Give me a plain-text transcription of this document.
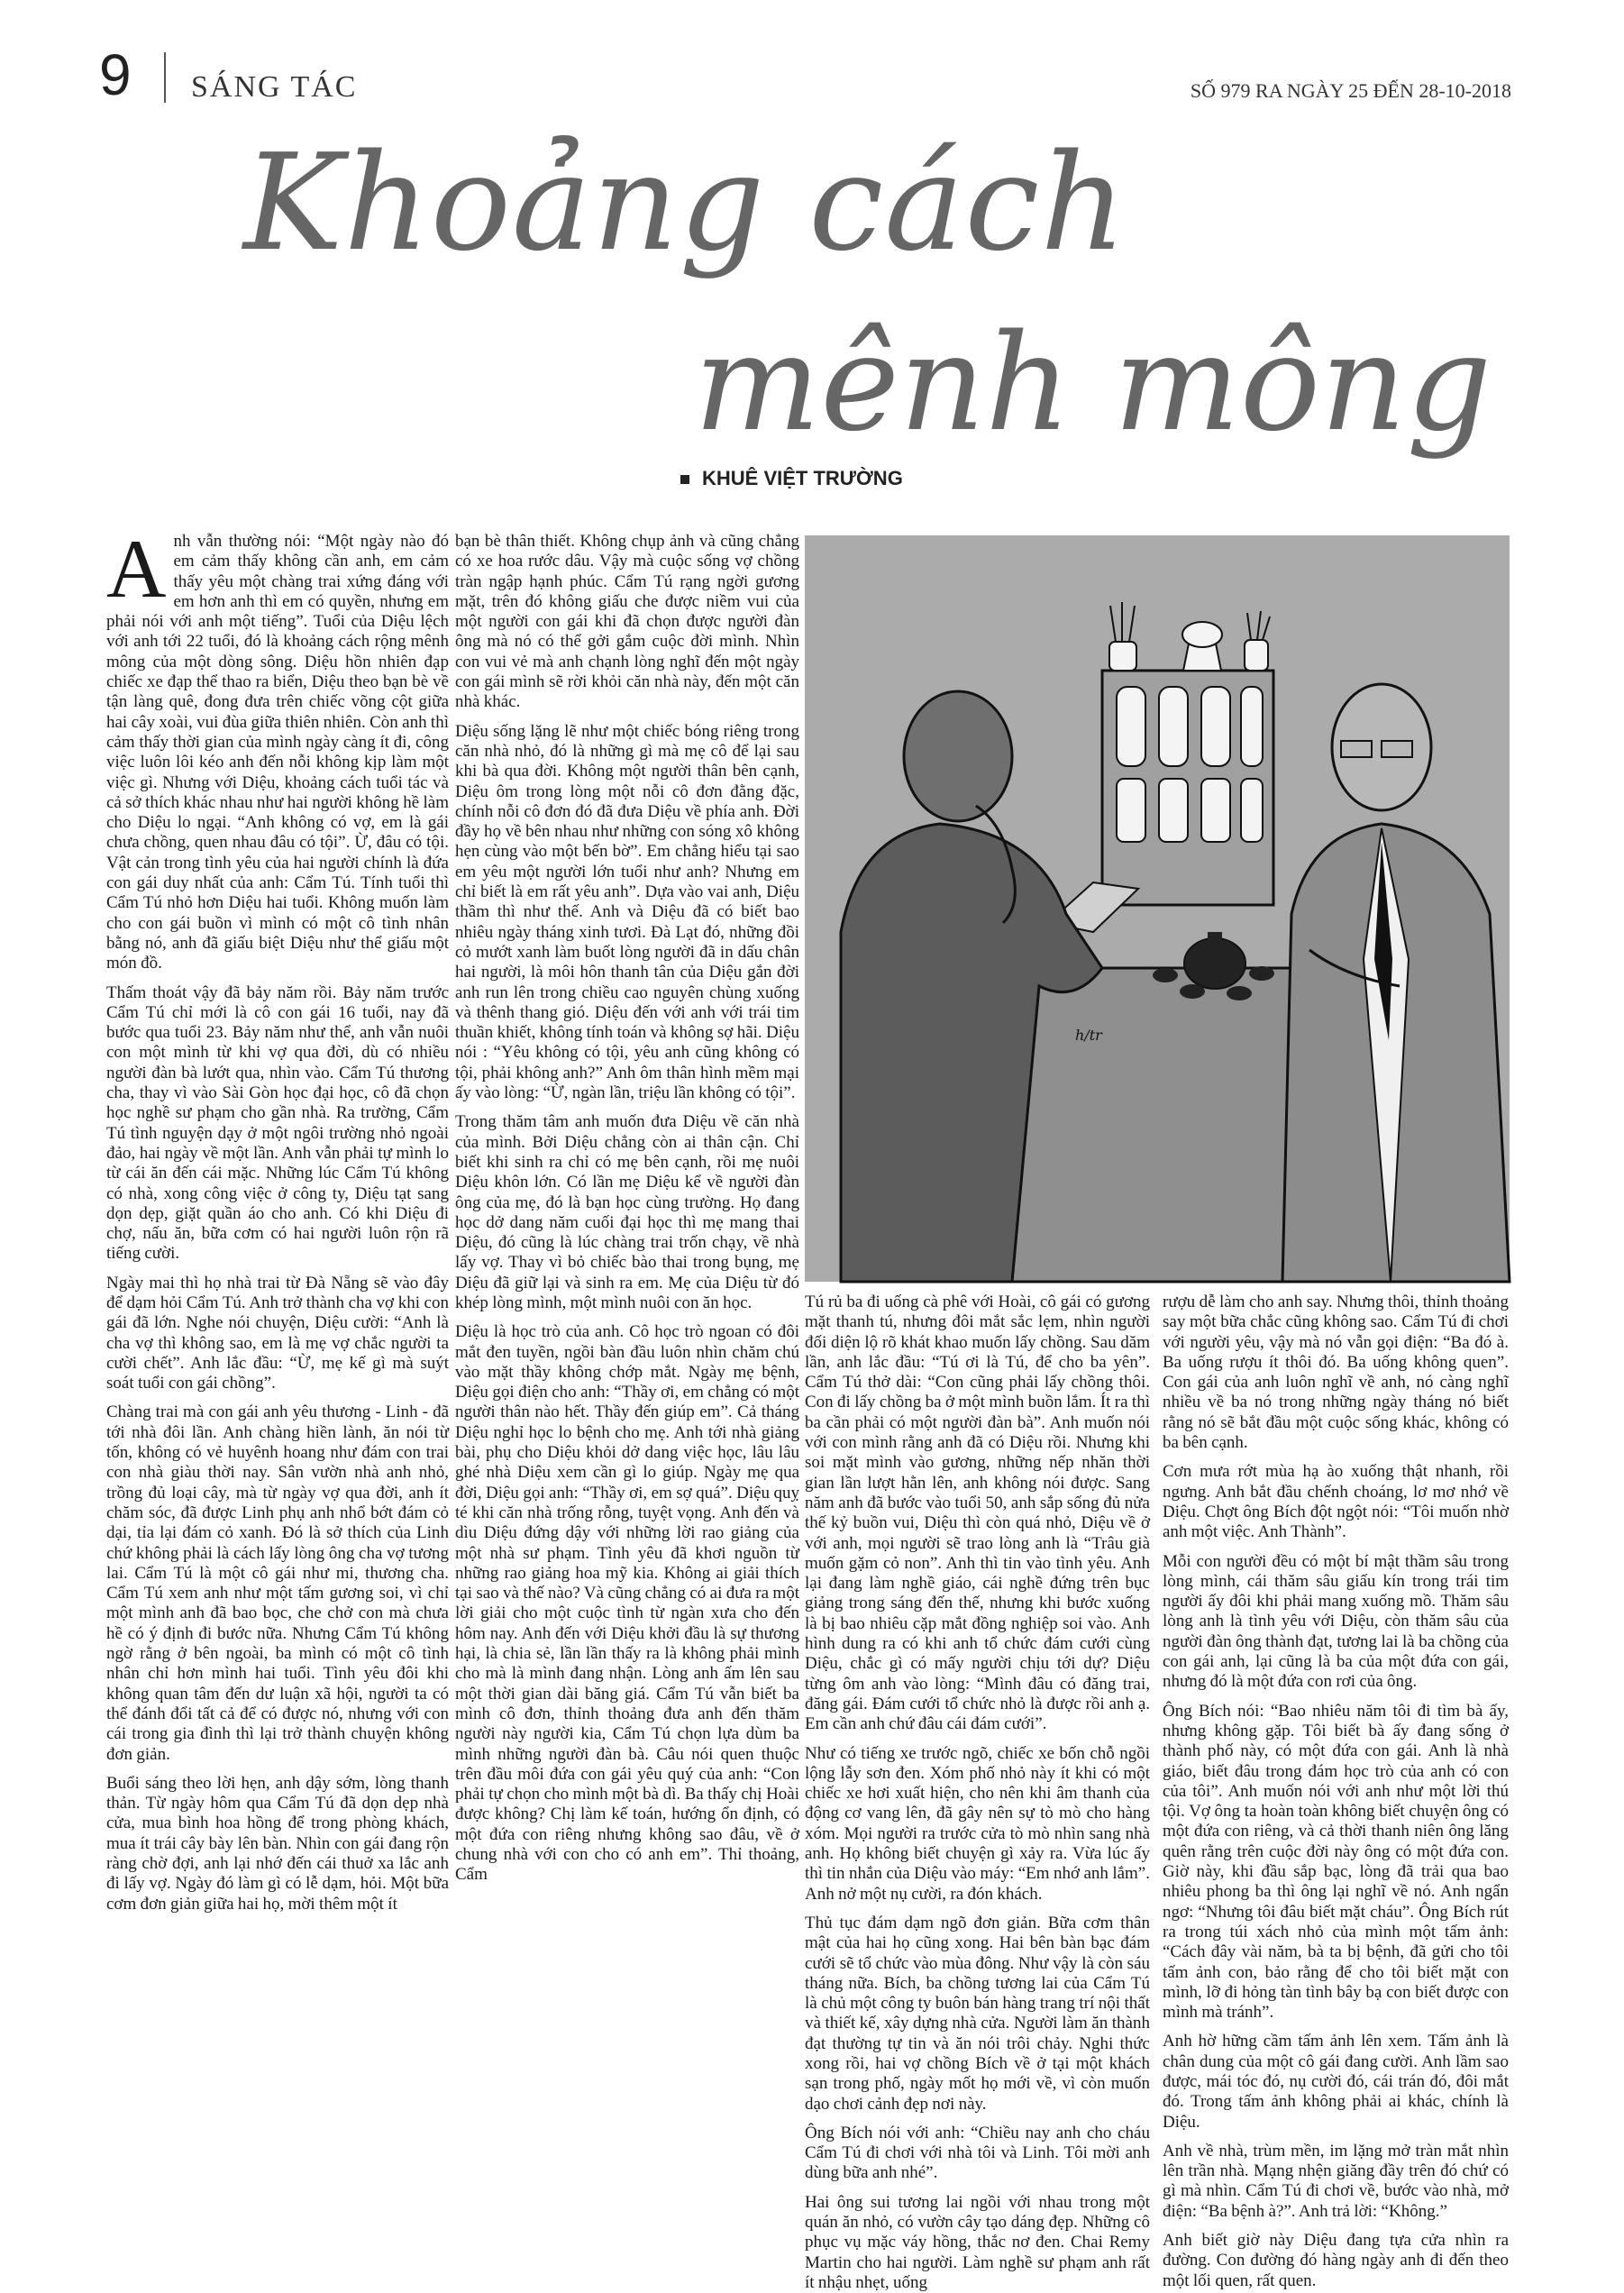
9 SÁNG TÁC	SỐ 979 RA NGÀY 25 ĐẾN 28-10-2018
Khoảng cách
mênh mông
KHUÊ VIỆT TRƯỜNG

Anh vẫn thường nói: “Một ngày nào đó em cảm thấy không cần anh, em cảm thấy yêu một chàng trai xứng đáng với em hơn anh thì em có quyền, nhưng em phải nói với anh một tiếng”. Tuổi của Diệu lệch với anh tới 22 tuổi, đó là khoảng cách rộng mênh mông của một dòng sông. Diệu hồn nhiên đạp chiếc xe đạp thể thao ra biển, Diệu theo bạn bè về tận làng quê, đong đưa trên chiếc võng cột giữa hai cây xoài, vui đùa giữa thiên nhiên. Còn anh thì cảm thấy thời gian của mình ngày càng ít đi, công việc luôn lôi kéo anh đến nỗi không kịp làm một việc gì. Nhưng với Diệu, khoảng cách tuổi tác và cả sở thích khác nhau như hai người không hề làm cho Diệu lo ngại. “Anh không có vợ, em là gái chưa chồng, quen nhau đâu có tội”. Ừ, đâu có tội. Vật cản trong tình yêu của hai người chính là đứa con gái duy nhất của anh: Cẩm Tú. Tính tuổi thì Cẩm Tú nhỏ hơn Diệu hai tuổi. Không muốn làm cho con gái buồn vì mình có một cô tình nhân bằng nó, anh đã giấu biệt Diệu như thể giấu một món đồ.

Thấm thoát vậy đã bảy năm rồi. Bảy năm trước Cẩm Tú chỉ mới là cô con gái 16 tuổi, nay đã bước qua tuổi 23. Bảy năm như thể, anh vẫn nuôi con một mình từ khi vợ qua đời, dù có nhiều người đàn bà lướt qua, nhìn vào. Cẩm Tú thương cha, thay vì vào Sài Gòn học đại học, cô đã chọn học nghề sư phạm cho gần nhà. Ra trường, Cẩm Tú tình nguyện dạy ở một ngôi trường nhỏ ngoài đảo, hai ngày về một lần. Anh vẫn phải tự mình lo từ cái ăn đến cái mặc. Những lúc Cẩm Tú không có nhà, xong công việc ở công ty, Diệu tạt sang dọn dẹp, giặt quần áo cho anh. Có khi Diệu đi chợ, nấu ăn, bữa cơm có hai người luôn rộn rã tiếng cười.

Ngày mai thì họ nhà trai từ Đà Nẵng sẽ vào đây để dạm hỏi Cẩm Tú. Anh trở thành cha vợ khi con gái đã lớn. Nghe nói chuyện, Diệu cười: “Anh là cha vợ thì không sao, em là mẹ vợ chắc người ta cười chết”. Anh lắc đầu: “Ừ, mẹ kế gì mà suýt soát tuổi con gái chồng”.

Chàng trai mà con gái anh yêu thương - Linh - đã tới nhà đôi lần. Anh chàng hiền lành, ăn nói từ tốn, không có vẻ huyênh hoang như đám con trai con nhà giàu thời nay. Sân vườn nhà anh nhỏ, trồng đủ loại cây, mà từ ngày vợ qua đời, anh ít chăm sóc, đã được Linh phụ anh nhổ bớt đám cỏ dại, tỉa lại đám cỏ xanh. Đó là sở thích của Linh chứ không phải là cách lấy lòng ông cha vợ tương lai. Cẩm Tú là một cô gái như mi, thương cha. Cẩm Tú xem anh như một tấm gương soi, vì chỉ một mình anh đã bao bọc, che chở con mà chưa hề có ý định đi bước nữa. Nhưng Cẩm Tú không ngờ rằng ở bên ngoài, ba mình có một cô tình nhân chỉ hơn mình hai tuổi. Tình yêu đôi khi không quan tâm đến dư luận xã hội, người ta có thể đánh đổi tất cả để có được nó, nhưng với con cái trong gia đình thì lại trở thành chuyện không đơn giản.

Buổi sáng theo lời hẹn, anh dậy sớm, lòng thanh thản. Từ ngày hôm qua Cẩm Tú đã dọn dẹp nhà cửa, mua bình hoa hồng để trong phòng khách, mua ít trái cây bày lên bàn. Nhìn con gái đang rộn ràng chờ đợi, anh lại nhớ đến cái thuở xa lắc anh đi lấy vợ. Ngày đó làm gì có lễ dạm, hỏi. Một bữa cơm đơn giản giữa hai họ, mời thêm một ít

bạn bè thân thiết. Không chụp ảnh và cũng chẳng có xe hoa rước dâu. Vậy mà cuộc sống vợ chồng tràn ngập hạnh phúc. Cẩm Tú rạng ngời gương mặt, trên đó không giấu che được niềm vui của một người con gái khi đã chọn được người đàn ông mà nó có thể gởi gắm cuộc đời mình. Nhìn con vui vẻ mà anh chạnh lòng nghĩ đến một ngày con gái mình sẽ rời khỏi căn nhà này, đến một căn nhà khác.

Diệu sống lặng lẽ như một chiếc bóng riêng trong căn nhà nhỏ, đó là những gì mà mẹ cô để lại sau khi bà qua đời. Không một người thân bên cạnh, Diệu ôm trong lòng một nỗi cô đơn đằng đặc, chính nỗi cô đơn đó đã đưa Diệu về phía anh. Đời đầy họ về bên nhau như những con sóng xô không hẹn cùng vào một bến bờ”. Em chẳng hiểu tại sao em yêu một người lớn tuổi như anh? Nhưng em chỉ biết là em rất yêu anh”. Dựa vào vai anh, Diệu thầm thì như thế. Anh và Diệu đã có biết bao nhiêu ngày tháng xinh tươi. Đà Lạt đó, những đồi cỏ mướt xanh làm buốt lòng người đã in dấu chân hai người, là môi hôn thanh tân của Diệu gắn đời anh run lên trong chiều cao nguyên chùng xuống và thênh thang gió. Diệu đến với anh với trái tim thuần khiết, không tính toán và không sợ hãi. Diệu nói : “Yêu không có tội, yêu anh cũng không có tội, phải không anh?” Anh ôm thân hình mềm mại ấy vào lòng: “Ừ, ngàn lần, triệu lần không có tội”.

Trong thăm tâm anh muốn đưa Diệu về căn nhà của mình. Bởi Diệu chẳng còn ai thân cận. Chỉ biết khi sinh ra chỉ có mẹ bên cạnh, rồi mẹ nuôi Diệu khôn lớn. Có lần mẹ Diệu kể về người đàn ông của mẹ, đó là bạn học cùng trường. Họ đang học dở dang năm cuối đại học thì mẹ mang thai Diệu, đó cũng là lúc chàng trai trốn chạy, về nhà lấy vợ. Thay vì bỏ chiếc bào thai trong bụng, mẹ Diệu đã giữ lại và sinh ra em. Mẹ của Diệu từ đó khép lòng mình, một mình nuôi con ăn học.

Diệu là học trò của anh. Cô học trò ngoan có đôi mắt đen tuyền, ngồi bàn đầu luôn nhìn chăm chú vào mặt thầy không chớp mắt. Ngày mẹ bệnh, Diệu gọi điện cho anh: “Thầy ơi, em chẳng có một người thân nào hết. Thầy đến giúp em”. Cả tháng Diệu nghỉ học lo bệnh cho mẹ. Anh tới nhà giảng bài, phụ cho Diệu khỏi dở dang việc học, lâu lâu ghé nhà Diệu xem cần gì lo giúp. Ngày mẹ qua đời, Diệu gọi anh: “Thầy ơi, em sợ quá”. Diệu quỵ té khi căn nhà trống rỗng, tuyệt vọng. Anh đến và dìu Diệu đứng dậy với những lời rao giảng của một nhà sư phạm. Tình yêu đã khơi nguồn từ những rao giảng hoa mỹ kia. Không ai giải thích tại sao và thế nào? Và cũng chẳng có ai đưa ra một lời giải cho một cuộc tình từ ngàn xưa cho đến hôm nay. Anh đến với Diệu khởi đầu là sự thương hại, là chia sẻ, lần lần thấy ra là không phải mình cho mà là mình đang nhận. Lòng anh ấm lên sau một thời gian dài băng giá. Cẩm Tú vẫn biết ba mình cô đơn, thỉnh thoảng đưa anh đến thăm người này người kia, Cẩm Tú chọn lựa dùm ba mình những người đàn bà. Câu nói quen thuộc trên đầu môi đứa con gái yêu quý của anh: “Con phải tự chọn cho mình một bà dì. Ba thấy chị Hoài được không? Chị làm kế toán, hướng ổn định, có một đứa con riêng nhưng không sao đâu, về ở chung nhà với con cho có anh em”. Thỉ thoảng, Cẩm

h/tr

Tú rủ ba đi uống cà phê với Hoài, cô gái có gương mặt thanh tú, nhưng đôi mắt sắc lẹm, nhìn người đối diện lộ rõ khát khao muốn lấy chồng. Sau dăm lần, anh lắc đầu: “Tú ơi là Tú, để cho ba yên”. Cẩm Tú thở dài: “Con cũng phải lấy chồng thôi. Con đi lấy chồng ba ở một mình buồn lắm. Ít ra thì ba cần phải có một người đàn bà”. Anh muốn nói với con mình rằng anh đã có Diệu rồi. Nhưng khi soi mặt mình vào gương, những nếp nhăn thời gian lần lượt hằn lên, anh không nói được. Sang năm anh đã bước vào tuổi 50, anh sắp sống đủ nửa thế kỷ buồn vui, Diệu thì còn quá nhỏ, Diệu về ở với anh, mọi người sẽ trao lòng anh là “Trâu già muốn gặm cỏ non”. Anh thì tin vào tình yêu. Anh lại đang làm nghề giáo, cái nghề đứng trên bục giảng trong sáng đến thế, nhưng khi bước xuống là bị bao nhiêu cặp mắt đồng nghiệp soi vào. Anh hình dung ra có khi anh tổ chức đám cưới cùng Diệu, chắc gì có mấy người chịu tới dự? Diệu từng ôm anh vào lòng: “Mình đâu có đăng trai, đăng gái. Đám cưới tổ chức nhỏ là được rồi anh ạ. Em cần anh chứ đâu cái đám cưới”.

Như có tiếng xe trước ngõ, chiếc xe bốn chỗ ngồi lộng lẫy sơn đen. Xóm phố nhỏ này ít khi có một chiếc xe hơi xuất hiện, cho nên khi âm thanh của động cơ vang lên, đã gây nên sự tò mò cho hàng xóm. Mọi người ra trước cửa tò mò nhìn sang nhà anh. Họ không biết chuyện gì xảy ra. Vừa lúc ấy thì tin nhắn của Diệu vào máy: “Em nhớ anh lắm”. Anh nở một nụ cười, ra đón khách.

Thủ tục đám dạm ngõ đơn giản. Bữa cơm thân mật của hai họ cũng xong. Hai bên bàn bạc đám cưới sẽ tổ chức vào mùa đông. Như vậy là còn sáu tháng nữa. Bích, ba chồng tương lai của Cẩm Tú là chủ một công ty buôn bán hàng trang trí nội thất và thiết kế, xây dựng nhà cửa. Người làm ăn thành đạt thường tự tin và ăn nói trôi chảy. Nghi thức xong rồi, hai vợ chồng Bích về ở tại một khách sạn trong phố, ngày mốt họ mới về, vì còn muốn dạo chơi cảnh đẹp nơi này.

Ông Bích nói với anh: “Chiều nay anh cho cháu Cẩm Tú đi chơi với nhà tôi và Linh. Tôi mời anh dùng bữa anh nhé”.

Hai ông sui tương lai ngồi với nhau trong một quán ăn nhỏ, có vườn cây tạo dáng đẹp. Những cô phục vụ mặc váy hồng, thắc nơ đen. Chai Remy Martin cho hai người. Làm nghề sư phạm anh rất ít nhậu nhẹt, uống

rượu dễ làm cho anh say. Nhưng thôi, thỉnh thoảng say một bữa chắc cũng không sao. Cẩm Tú đi chơi với người yêu, vậy mà nó vẫn gọi điện: “Ba đó à. Ba uống rượu ít thôi đó. Ba uống không quen”. Con gái của anh luôn nghĩ về anh, nó càng nghĩ nhiều về ba nó trong những ngày tháng nó biết rằng nó sẽ bắt đầu một cuộc sống khác, không có ba bên cạnh.

Cơn mưa rớt mùa hạ ào xuống thật nhanh, rồi ngưng. Anh bắt đầu chếnh choáng, lơ mơ nhớ về Diệu. Chợt ông Bích đột ngột nói: “Tôi muốn nhờ anh một việc. Anh Thành”.

Mỗi con người đều có một bí mật thầm sâu trong lòng mình, cái thăm sâu giấu kín trong trái tim người ấy đôi khi phải mang xuống mồ. Thăm sâu lòng anh là tình yêu với Diệu, còn thăm sâu của người đàn ông thành đạt, tương lai là ba chồng của con gái anh, lại cũng là ba của một đứa con gái, nhưng đó là một đứa con rơi của ông.

Ông Bích nói: “Bao nhiêu năm tôi đi tìm bà ấy, nhưng không gặp. Tôi biết bà ấy đang sống ở thành phố này, có một đứa con gái. Anh là nhà giáo, biết đâu trong đám học trò của anh có con của tôi”. Anh muốn nói với anh như một lời thú tội. Vợ ông ta hoàn toàn không biết chuyện ông có một đứa con riêng, và cả thời thanh niên ông lăng quên rằng trên cuộc đời này ông có một đứa con. Giờ này, khi đầu sắp bạc, lòng đã trải qua bao nhiêu phong ba thì ông lại nghĩ về nó. Anh ngẩn ngơ: “Nhưng tôi đâu biết mặt cháu”. Ông Bích rút ra trong túi xách nhỏ của mình một tấm ảnh: “Cách đây vài năm, bà ta bị bệnh, đã gửi cho tôi tấm ảnh con, bảo rằng để cho tôi biết mặt con mình, lỡ đi hỏng tàn tình bây bạ con biết được con mình mà tránh”.

Anh hờ hững cầm tấm ảnh lên xem. Tấm ảnh là chân dung của một cô gái đang cười. Anh lầm sao được, mái tóc đó, nụ cười đó, cái trán đó, đôi mắt đó. Trong tấm ảnh không phải ai khác, chính là Diệu.

Anh về nhà, trùm mền, im lặng mở tràn mắt nhìn lên trần nhà. Mạng nhện giăng đầy trên đó chứ có gì mà nhìn. Cẩm Tú đi chơi về, bước vào nhà, mở điện: “Ba bệnh à?”. Anh trả lời: “Không.”

Anh biết giờ này Diệu đang tựa cửa nhìn ra đường. Con đường đó hàng ngày anh đi đến theo một lối quen, rất quen.
